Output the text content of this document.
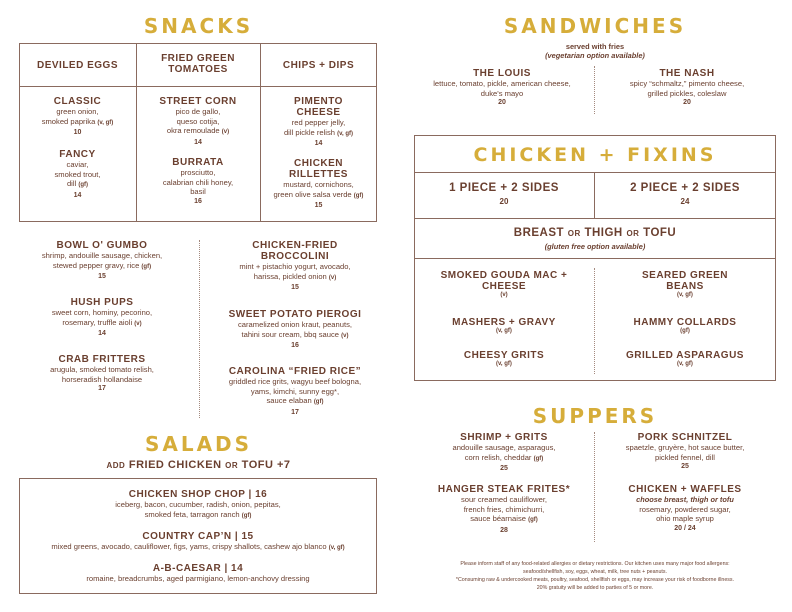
SNACKS
DEVILED EGGS
FRIED GREEN TOMATOES	CHIPS + DIPS
CLASSIC
green onion,
smoked paprika (v, gf)
10
FANCY
caviar,
smoked trout,
dill (gf)
14
STREET CORN
pico de gallo,
queso cotija,
okra remoulade (v)
14
BURRATA
prosciutto,
calabrian chili honey,
basil
16
PIMENTO CHEESE
red pepper jelly,
dill pickle relish (v, gf)
14
CHICKEN RILLETTES
mustard, cornichons,
green olive salsa verde (gf)
15
BOWL O' GUMBO
shrimp, andouille sausage, chicken,
stewed pepper gravy, rice (gf)
15
HUSH PUPS
sweet corn, hominy, pecorino,
rosemary, truffle aioli (v)
14
CRAB FRITTERS
arugula, smoked tomato relish,
horseradish hollandaise
17
CHICKEN-FRIED BROCCOLINI
mint + pistachio yogurt, avocado,
harissa, pickled onion (v)
15
SWEET POTATO PIEROGI
caramelized onion kraut, peanuts,
tahini sour cream, bbq sauce (v)
16
CAROLINA “FRIED RICE”
griddled rice grits, wagyu beef bologna,
yams, kimchi, sunny egg*,
sauce elaban (gf)
17
SALADS
ADD FRIED CHICKEN OR TOFU +7
CHICKEN SHOP CHOP | 16
iceberg, bacon, cucumber, radish, onion, pepitas,
smoked feta, tarragon ranch (gf)
COUNTRY CAP’N | 15
mixed greens, avocado, cauliflower, figs, yams, crispy shallots, cashew ajo blanco (v, gf)
A-B-CAESAR | 14
romaine, breadcrumbs, aged parmigiano, lemon-anchovy dressing
SANDWICHES
served with fries
(vegetarian option available)
THE LOUIS
lettuce, tomato, pickle, american cheese,
duke's mayo
20
THE NASH
spicy “schmaltz,” pimento cheese,
grilled pickles, coleslaw
20
CHICKEN + FIXINS
1 PIECE + 2 SIDES
20
2 PIECE + 2 SIDES
24
BREAST OR THIGH OR TOFU
(gluten free option available)
SMOKED GOUDA MAC + CHEESE
(v)
SEARED GREEN BEANS
(v, gf)
MASHERS + GRAVY
(v, gf)
HAMMY COLLARDS
(gf)
CHEESY GRITS
(v, gf)
GRILLED ASPARAGUS
(v, gf)
SUPPERS
SHRIMP + GRITS
andouille sausage, asparagus,
corn relish, cheddar (gf)
25
HANGER STEAK FRITES*
sour creamed cauliflower,
french fries, chimichurri,
sauce béarnaise (gf)
28
PORK SCHNITZEL
spaetzle, gruyère, hot sauce butter,
pickled fennel, dill
25
CHICKEN + WAFFLES
choose breast, thigh or tofu
rosemary, powdered sugar,
ohio maple syrup
20 / 24
Please inform staff of any food-related allergies or dietary restrictions. Our kitchen uses many major food allergens:
seafood/shellfish, soy, eggs, wheat, milk, tree nuts + peanuts.
*Consuming raw & undercooked meats, poultry, seafood, shellfish or eggs, may increase your risk of foodborne illness.
20% gratuity will be added to parties of 5 or more.
